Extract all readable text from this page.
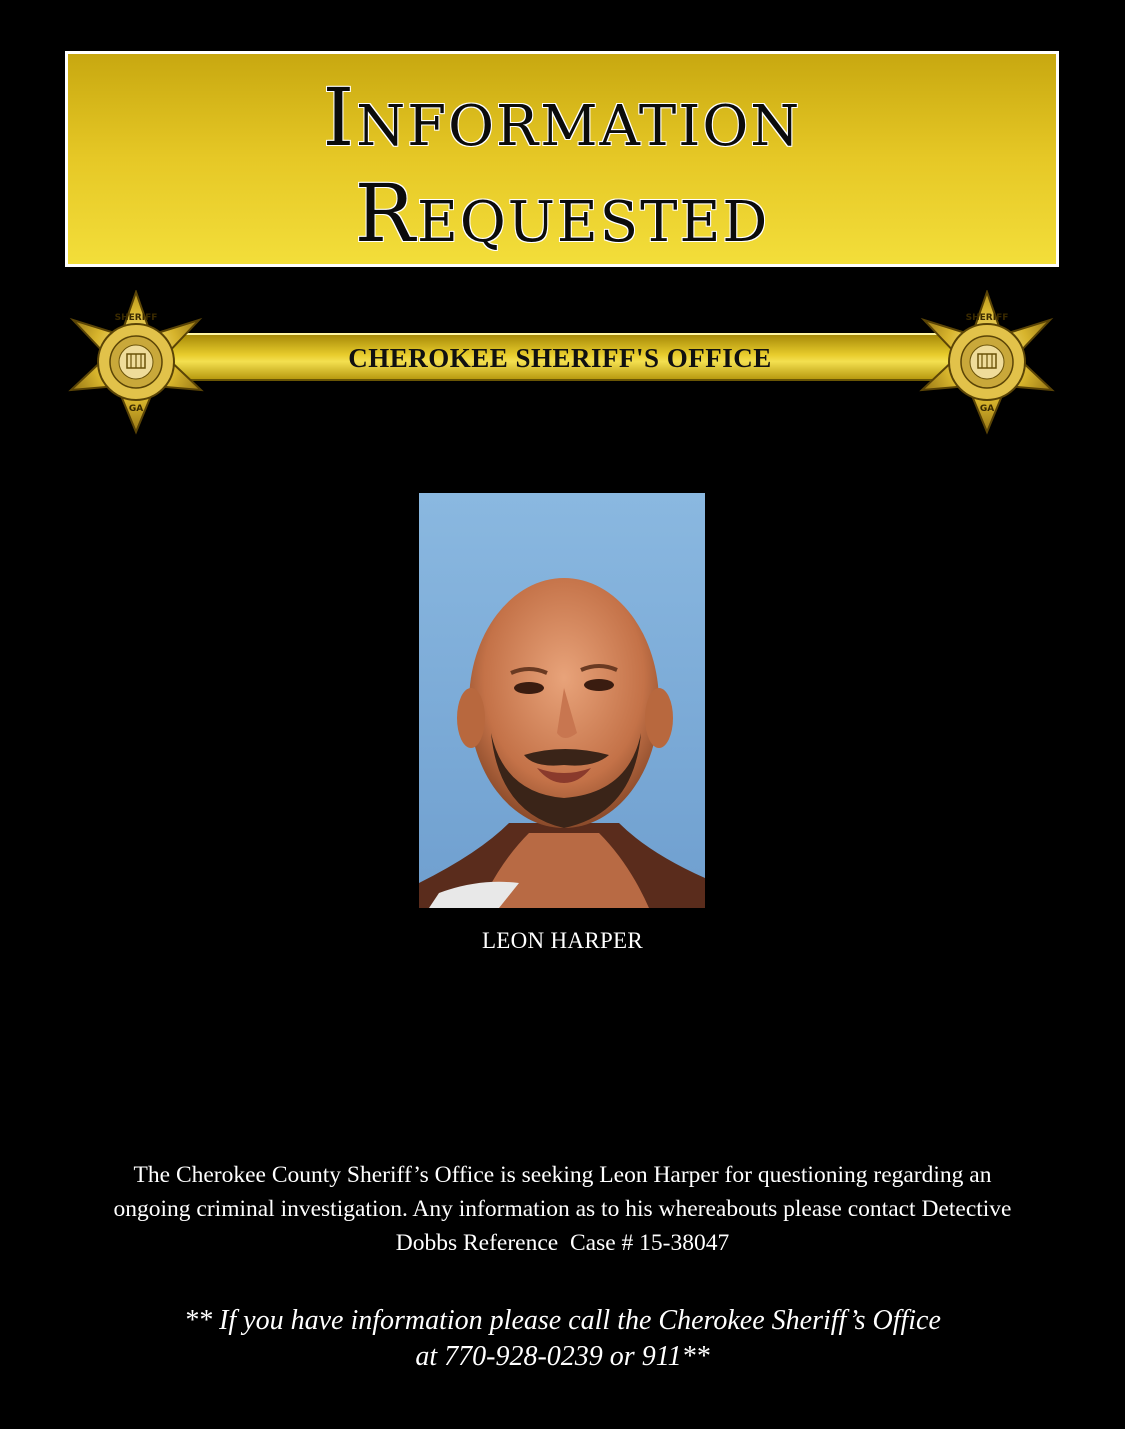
Information
Requested
CHEROKEE SHERIFF'S OFFICE
SHERIFF
GA
SHERIFF
GA
LEON HARPER
The Cherokee County Sheriff’s Office is seeking Leon Harper for questioning regarding an
ongoing criminal investigation. Any information as to his whereabouts please contact Detective
Dobbs Reference  Case # 15-38047
** If you have information please call the Cherokee Sheriff’s Office
at 770-928-0239 or 911**
